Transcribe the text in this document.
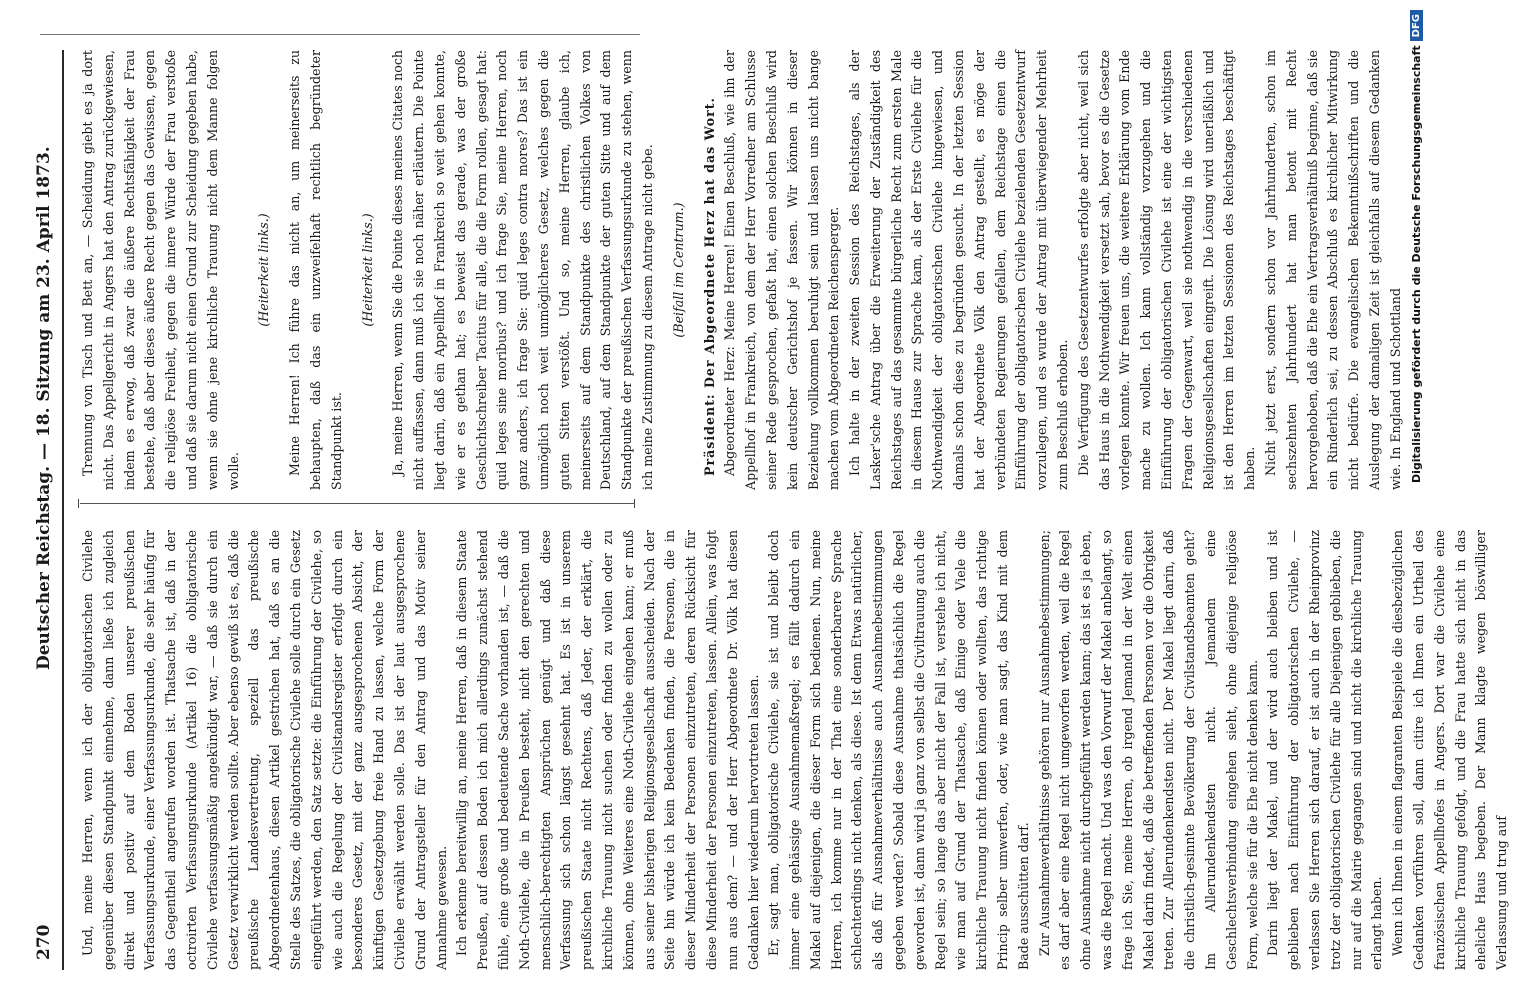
270
Deutscher Reichstag. — 18. Sitzung am 23. April 1873.

Und, meine Herren, wenn ich der obligatorischen Civilehe gegenüber diesen Standpunkt einnehme, dann ließe ich zugleich direkt und positiv auf dem Boden unserer preußischen Verfassungsurkunde, einer Verfassungsurkunde, die sehr häufig für das Gegentheil angerufen worden ist. Thatsache ist, daß in der octroirten Verfassungsurkunde (Artikel 16) die obligatorische Civilehe verfassungsmäßig angekündigt war, — daß sie durch ein Gesetz verwirklicht werden sollte. Aber ebenso gewiß ist es, daß die preußische Landesvertretung, speziell das preußische Abgeordnetenhaus, diesen Artikel gestrichen hat, daß es an die Stelle des Satzes, die obligatorische Civilehe solle durch ein Gesetz eingeführt werden, den Satz setzte: die Einführung der Civilehe, so wie auch die Regelung der Civilstandsregister erfolgt durch ein besonderes Gesetz, mit der ganz ausgesprochenen Absicht, der künftigen Gesetzgebung freie Hand zu lassen, welche Form der Civilehe erwählt werden solle. Das ist der laut ausgesprochene Grund der Antragsteller für den Antrag und das Motiv seiner Annahme gewesen. Ich erkenne bereitwillig an, meine Herren, daß in diesem Staate Preußen, auf dessen Boden ich mich allerdings zunächst stehend fühle, eine große und bedeutende Sache vorhanden ist, — daß die Noth-Civilehe, die in Preußen besteht, nicht den gerechten und menschlich-berechtigten Ansprüchen genügt und daß diese Verfassung sich schon längst gesehnt hat. Es ist in unserem preußischen Staate nicht Rechtens, daß Jeder, der erklärt, die kirchliche Trauung nicht suchen oder finden zu wollen oder zu können, ohne Weiteres eine Noth-Civilehe eingehen kann; er muß aus seiner bisherigen Religionsgesellschaft ausscheiden. Nach der Seite hin würde ich kein Bedenken finden, die Personen, die in dieser Minderheit der Personen einzutreten, deren Rücksicht für diese Minderheit der Personen einzutreten, lassen. Allein, was folgt nun aus dem? — und der Herr Abgeordnete Dr. Völk hat diesen Gedanken hier wiederum hervortreten lassen. Er, sagt man, obligatorische Civilehe, sie ist und bleibt doch immer eine gehässige Ausnahmemaßregel; es fällt dadurch ein Makel auf diejenigen, die dieser Form sich bedienen. Nun, meine Herren, ich komme nur in der That eine sonderbarere Sprache schlechterdings nicht denken, als diese. Ist denn Etwas natürlicher, als daß für Ausnahmeverhältnisse auch Ausnahmebestimmungen gegeben werden? Sobald diese Ausnahme thatsächlich die Regel geworden ist, dann wird ja ganz von selbst die Civiltrauung auch die Regel sein; so lange das aber nicht der Fall ist, verstehe ich nicht, wie man auf Grund der Thatsache, daß Einige oder Viele die kirchliche Trauung nicht finden können oder wollten, das richtige Princip selber umwerfen, oder, wie man sagt, das Kind mit dem Bade ausschütten darf. Zur Ausnahmeverhältnisse gehören nur Ausnahmebestimmungen; es darf aber eine Regel nicht umgeworfen werden, weil die Regel ohne Ausnahme nicht durchgeführt werden kann; das ist es ja eben, was die Regel macht. Und was den Vorwurf der Makel anbelangt, so frage ich Sie, meine Herren, ob irgend Jemand in der Welt einen Makel darin findet, daß die betreffenden Personen vor die Obrigkeit treten. Zur Allerundenkendsten nicht. Der Makel liegt darin, daß die christlich-gesinnte Bevölkerung der Civilstandsbeamten geht? Im Allerundenkendsten nicht. Jemandem eine Geschlechtsverbindung eingehen sieht, ohne diejenige religiöse Form, welche sie für die Ehe nicht denken kann. Darin liegt der Makel, und der wird auch bleiben und ist geblieben nach Einführung der obligatorischen Civilehe, — verlassen Sie Herren sich darauf, er ist auch in der Rheinprovinz trotz der obligatorischen Civilehe für alle Diejenigen geblieben, die nur auf die Mairie gegangen sind und nicht die kirchliche Trauung erlangt haben. Wenn ich Ihnen in einem flagranten Beispiele die diesbezüglichen Gedanken vorführen soll, dann citire ich Ihnen ein Urtheil des französischen Appellhofes in Angers. Dort war die Civilehe eine kirchliche Trauung gefolgt, und die Frau hatte sich nicht in das eheliche Haus begeben. Der Mann klagte wegen böswilliger Verlassung und trug auf

Trennung von Tisch und Bett an, — Scheidung giebt es ja dort nicht. Das Appellgericht in Angers hat den Antrag zurückgewiesen, indem es erwog, daß zwar die äußere Rechtsfähigkeit der Frau bestehe, daß aber dieses äußere Recht gegen das Gewissen, gegen die religiöse Freiheit, gegen die innere Würde der Frau verstoße und daß sie darum nicht einen Grund zur Scheidung gegeben habe, wenn sie ohne jene kirchliche Trauung nicht dem Manne folgen wolle.

(Heiterkeit links.)	Meine Herren! Ich führe das nicht an, um meinerseits zu behaupten, daß das ein unzweifelhaft rechtlich begründeter Standpunkt ist.

(Heiterkeit links.)	Ja, meine Herren, wenn Sie die Pointe dieses meines Citates noch nicht auffassen, dann muß ich sie noch näher erläutern. Die Pointe liegt darin, daß ein Appellhof in Frankreich so weit gehen konnte, wie er es gethan hat; es beweist das gerade, was der große Geschichtschreiber Tacitus für alle, die die Form rollen, gesagt hat: quid leges sine moribus? und ich frage Sie, meine Herren, noch ganz anders, ich frage Sie: quid leges contra mores? Das ist ein unmöglich noch weit unmöglicheres Gesetz, welches gegen die guten Sitten verstößt. Und so, meine Herren, glaube ich, meinerseits auf dem Standpunkte des christlichen Volkes von Deutschland, auf dem Standpunkte der guten Sitte und auf dem Standpunkte der preußischen Verfassungsurkunde zu stehen, wenn ich meine Zustimmung zu diesem Antrage nicht gebe.	(Beifall im Centrum.)	Präsident: Der Abgeordnete Herz hat das Wort. Abgeordneter Herz: Meine Herren! Einen Beschluß, wie ihn der Appellhof in Frankreich, von dem der Herr Vorredner am Schlusse seiner Rede gesprochen, gefaßt hat, einen solchen Beschluß wird kein deutscher Gerichtshof je fassen. Wir können in dieser Beziehung vollkommen beruhigt sein und lassen uns nicht bange machen vom Abgeordneten Reichensperger. Ich halte in der zweiten Session des Reichstages, als der Lasker'sche Antrag über die Erweiterung der Zuständigkeit des Reichstages auf das gesammte bürgerliche Recht zum ersten Male in diesem Hause zur Sprache kam, als der Erste Civilehe für die Nothwendigkeit der obligatorischen Civilehe hingewiesen, und damals schon diese zu begründen gesucht. In der letzten Session hat der Abgeordnete Völk den Antrag gestellt, es möge der verbündeten Regierungen gefallen, dem Reichstage einen die Einführung der obligatorischen Civilehe bezielenden Gesetzentwurf vorzulegen, und es wurde der Antrag mit überwiegender Mehrheit zum Beschluß erhoben. Die Verfügung des Gesetzentwurfes erfolgte aber nicht, weil sich das Haus in die Nothwendigkeit versetzt sah, bevor es die Gesetze vorlegen konnte. Wir freuen uns, die weitere Erklärung vom Ende mache zu wollen. Ich kann vollständig vorzugehen und die Einführung der obligatorischen Civilehe ist eine der wichtigsten Fragen der Gegenwart, weil sie nothwendig in die verschiedenen Religionsgesellschaften eingreift. Die Lösung wird unerläßlich und ist den Herren im letzten Sessionen des Reichstages beschäftigt haben. Nicht jetzt erst, sondern schon vor Jahrhunderten, schon im sechszehnten Jahrhundert hat man betont mit Recht hervorgehoben, daß die Ehe ein Vertragsverhältniß beginne, daß sie ein Rinderlich sei, zu dessen Abschluß es kirchlicher Mitwirkung nicht bedürfe. Die evangelischen Bekenntnißschriften und die Auslegung der damaligen Zeit ist gleichfalls auf diesem Gedanken wie. In England und Schottland Digitalisierung gefördert durch die Deutsche Forschungsgemeinschaft
DFG
